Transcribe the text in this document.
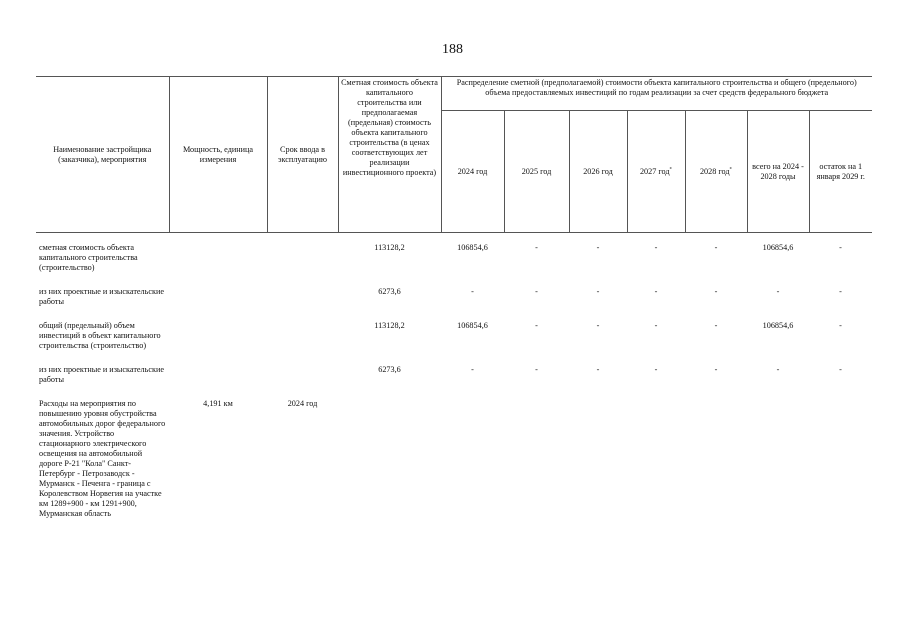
188
Наименование застройщика (заказчика), мероприятия	Мощность, единица измерения	Срок ввода в эксплуатацию	Сметная стоимость объекта капитального строительства или предполагаемая (предельная) стоимость объекта капитального строительства (в ценах соответствующих лет реализации инвестиционного проекта)	Распределение сметной (предполагаемой) стоимости объекта капитального строительства и общего (предельного) объема предоставляемых инвестиций по годам реализации за счет средств федерального бюджета						
				2024 год	2025 год	2026 год	2027 год*	2028 год*	всего на 2024 - 2028 годы	остаток на 1 января 2029 г.
сметная стоимость объекта капитального строительства (строительство)			113128,2	106854,6	-	-	-	-	106854,6	-
из них проектные и изыскательские работы			6273,6	-	-	-	-	-	-	-
общий (предельный) объем инвестиций в объект капитального строительства (строительство)			113128,2	106854,6	-	-	-	-	106854,6	-
из них проектные и изыскательские работы			6273,6	-	-	-	-	-	-	-
Расходы на мероприятия по повышению уровня обустройства автомобильных дорог федерального значения. Устройство стационарного электрического освещения на автомобильной дороге Р-21 "Кола" Санкт-Петербург - Петрозаводск - Мурманск - Печенга - граница с Королевством Норвегия на участке км 1289+900 - км 1291+900, Мурманская область	4,191 км	2024 год								
